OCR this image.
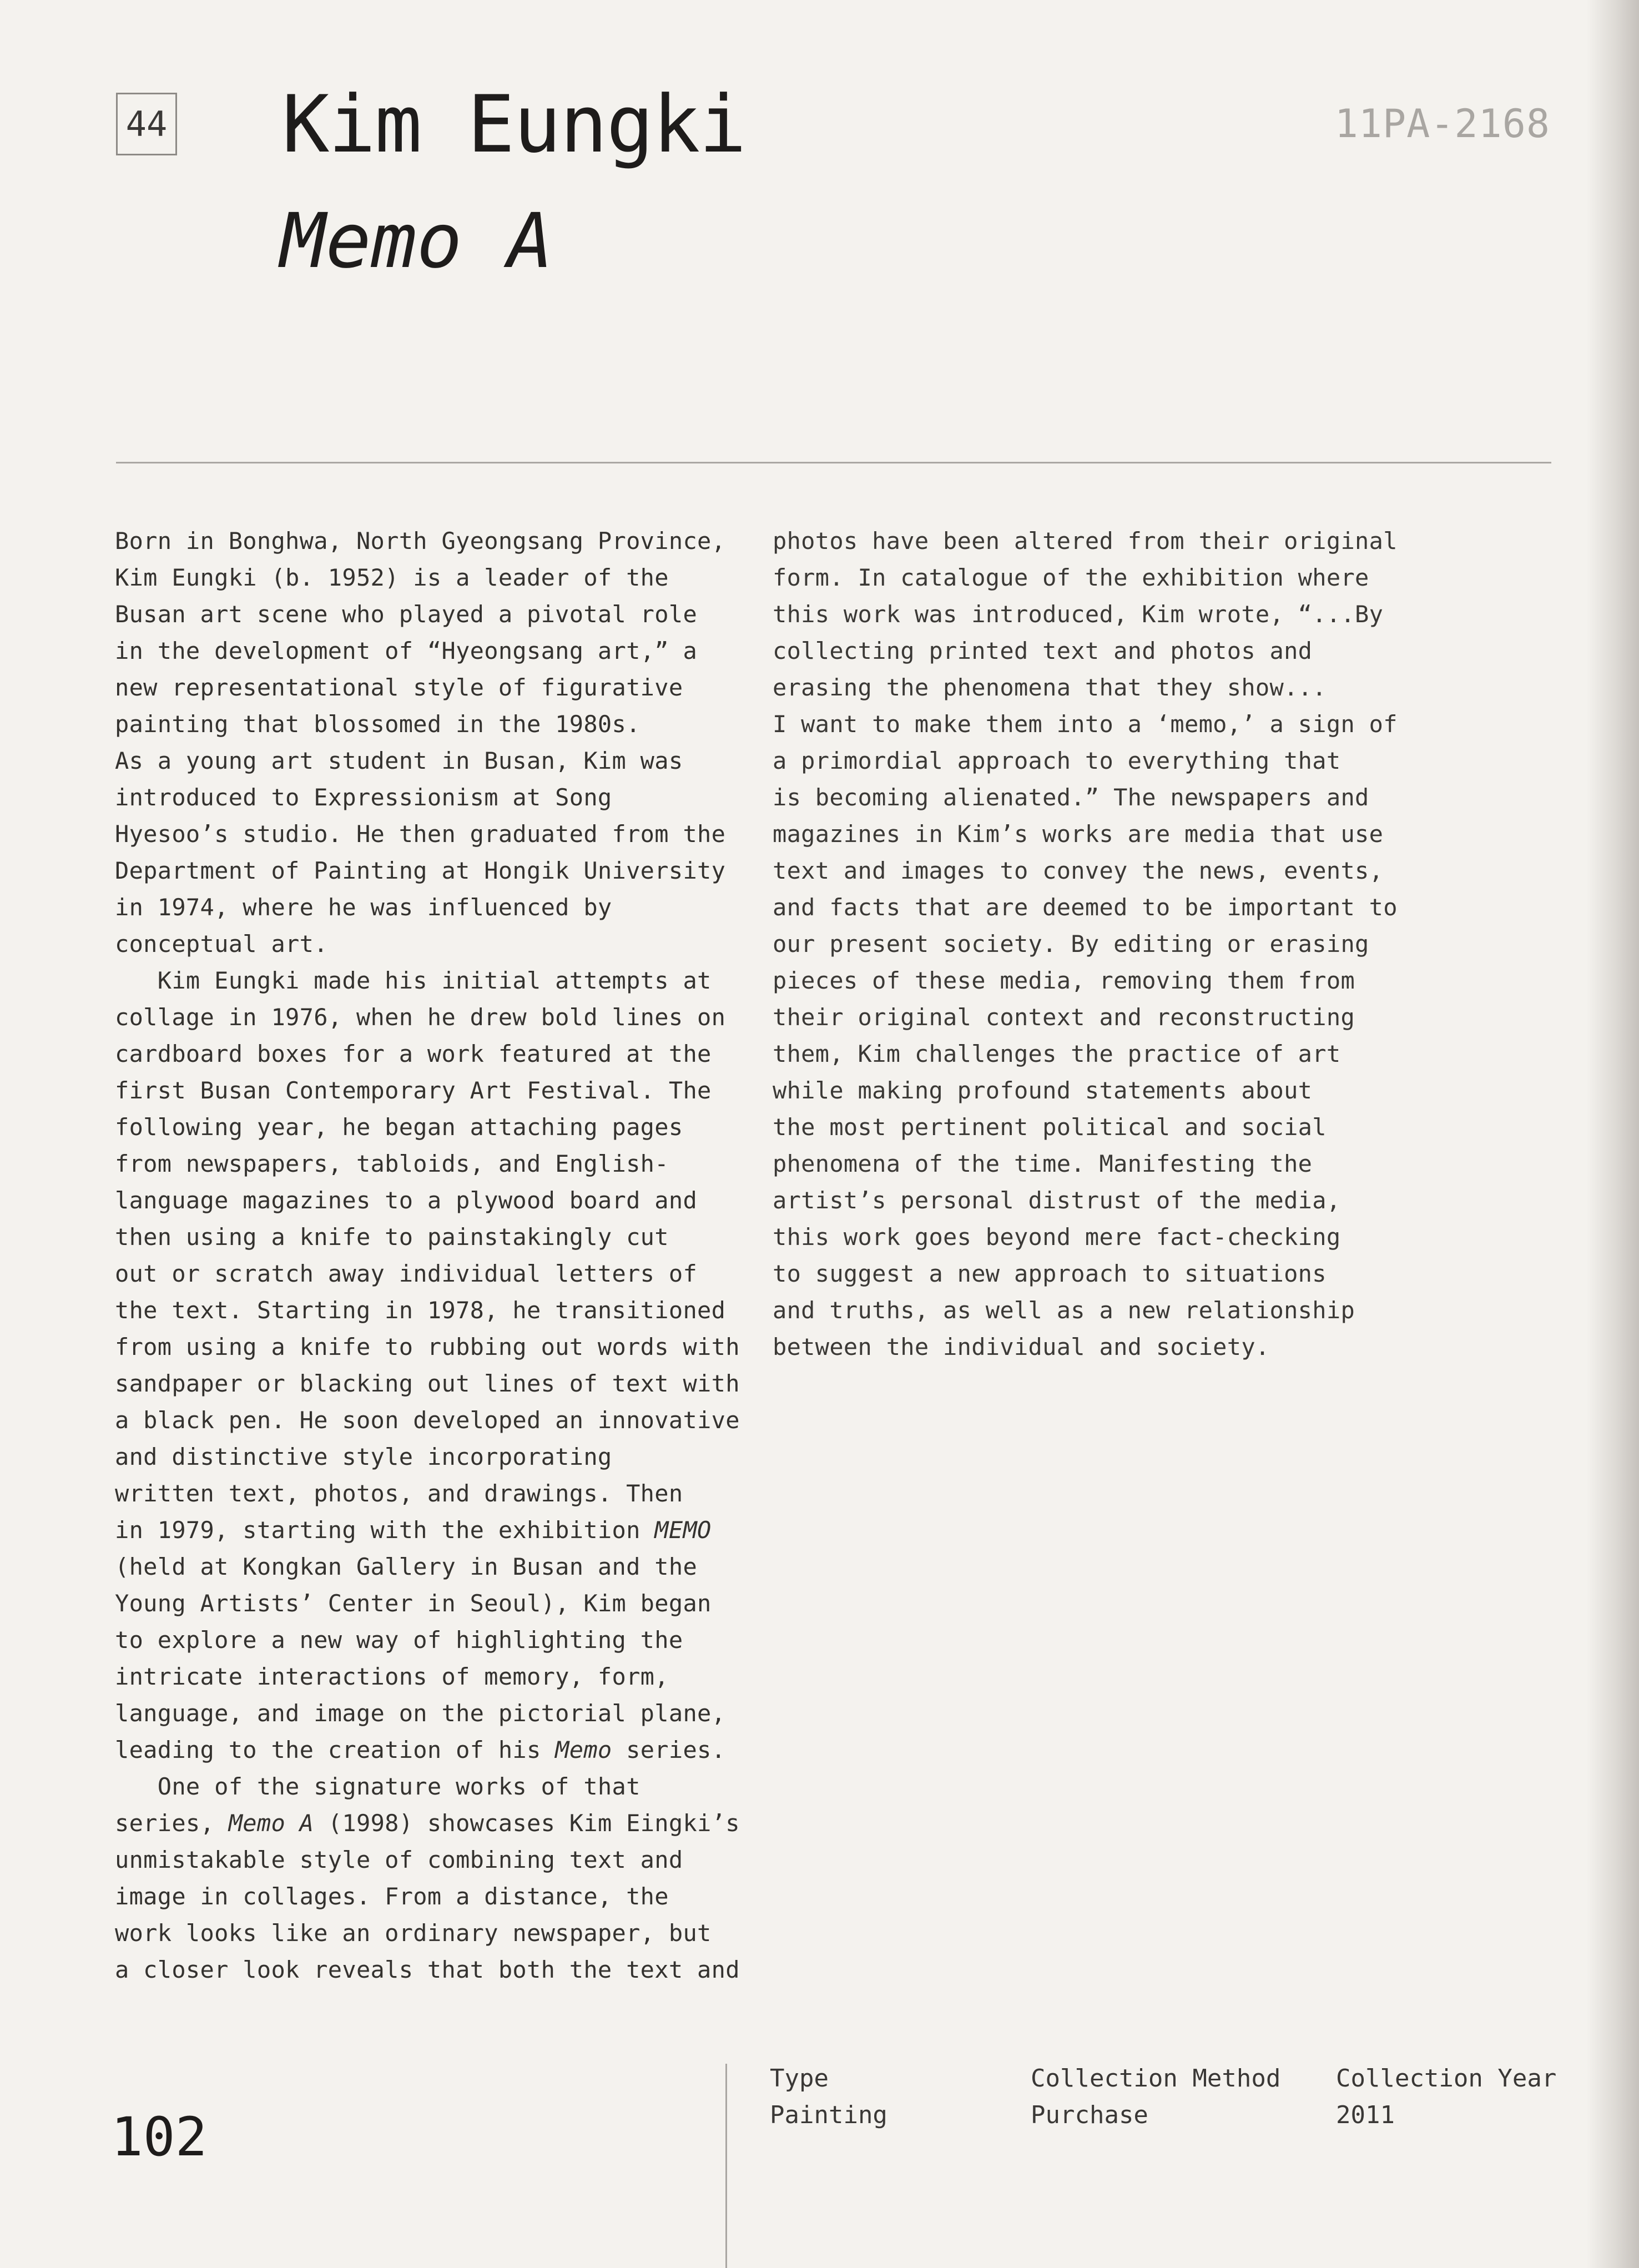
44 Kim Eungki
Memo A
11PA-2168
Born in Bonghwa, North Gyeongsang Province,
Kim Eungki (b. 1952) is a leader of the
Busan art scene who played a pivotal role
in the development of “Hyeongsang art,” a
new representational style of figurative
painting that blossomed in the 1980s.
As a young art student in Busan, Kim was
introduced to Expressionism at Song
Hyesoo’s studio. He then graduated from the
Department of Painting at Hongik University
in 1974, where he was influenced by
conceptual art.
Kim Eungki made his initial attempts at
collage in 1976, when he drew bold lines on
cardboard boxes for a work featured at the
first Busan Contemporary Art Festival. The
following year, he began attaching pages
from newspapers, tabloids, and English-
language magazines to a plywood board and
then using a knife to painstakingly cut
out or scratch away individual letters of
the text. Starting in 1978, he transitioned
from using a knife to rubbing out words with
sandpaper or blacking out lines of text with
a black pen. He soon developed an innovative
and distinctive style incorporating
written text, photos, and drawings. Then
in 1979, starting with the exhibition MEMO
(held at Kongkan Gallery in Busan and the
Young Artists’ Center in Seoul), Kim began
to explore a new way of highlighting the
intricate interactions of memory, form,
language, and image on the pictorial plane,
leading to the creation of his Memo series.
One of the signature works of that
series, Memo A (1998) showcases Kim Eingki’s
unmistakable style of combining text and
image in collages. From a distance, the
work looks like an ordinary newspaper, but
a closer look reveals that both the text and
photos have been altered from their original
form. In catalogue of the exhibition where
this work was introduced, Kim wrote, “...By
collecting printed text and photos and
erasing the phenomena that they show...
I want to make them into a ‘memo,’ a sign of
a primordial approach to everything that
is becoming alienated.” The newspapers and
magazines in Kim’s works are media that use
text and images to convey the news, events,
and facts that are deemed to be important to
our present society. By editing or erasing
pieces of these media, removing them from
their original context and reconstructing
them, Kim challenges the practice of art
while making profound statements about
the most pertinent political and social
phenomena of the time. Manifesting the
artist’s personal distrust of the media,
this work goes beyond mere fact-checking
to suggest a new approach to situations
and truths, as well as a new relationship
between the individual and society.
102
Type
Painting
Collection Method
Purchase
Collection Year
2011
